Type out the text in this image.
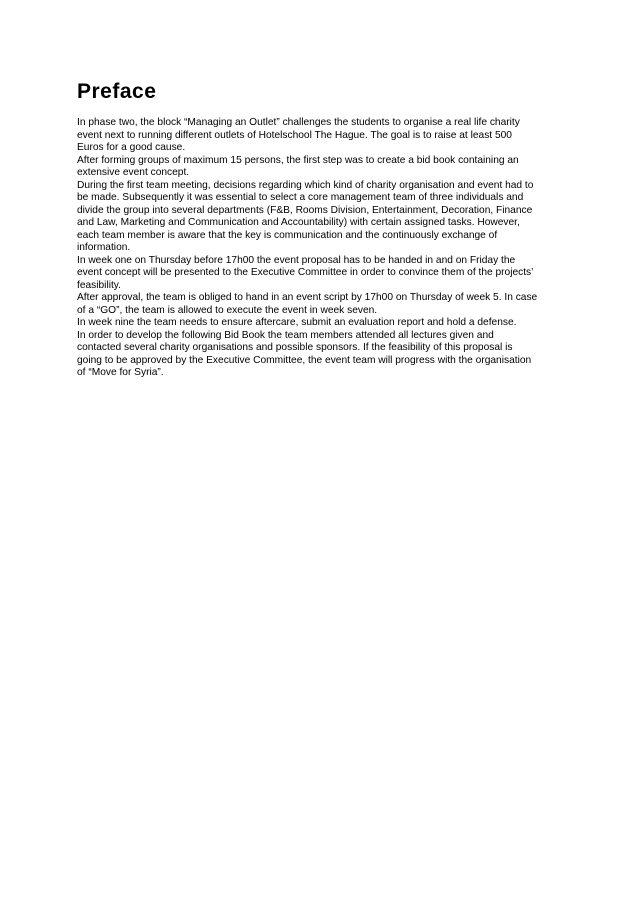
Preface
In phase two, the block “Managing an Outlet” challenges the students to organise a real life charity
event next to running different outlets of Hotelschool The Hague. The goal is to raise at least 500
Euros for a good cause.
After forming groups of maximum 15 persons, the first step was to create a bid book containing an
extensive event concept.
During the first team meeting, decisions regarding which kind of charity organisation and event had to
be made. Subsequently it was essential to select a core management team of three individuals and
divide the group into several departments (F&B, Rooms Division, Entertainment, Decoration, Finance
and Law, Marketing and Communication and Accountability) with certain assigned tasks. However,
each team member is aware that the key is communication and the continuously exchange of
information.
In week one on Thursday before 17h00 the event proposal has to be handed in and on Friday the
event concept will be presented to the Executive Committee in order to convince them of the projects’
feasibility.
After approval, the team is obliged to hand in an event script by 17h00 on Thursday of week 5. In case
of a “GO”, the team is allowed to execute the event in week seven.
In week nine the team needs to ensure aftercare, submit an evaluation report and hold a defense.
In order to develop the following Bid Book the team members attended all lectures given and
contacted several charity organisations and possible sponsors. If the feasibility of this proposal is
going to be approved by the Executive Committee, the event team will progress with the organisation
of “Move for Syria”.
